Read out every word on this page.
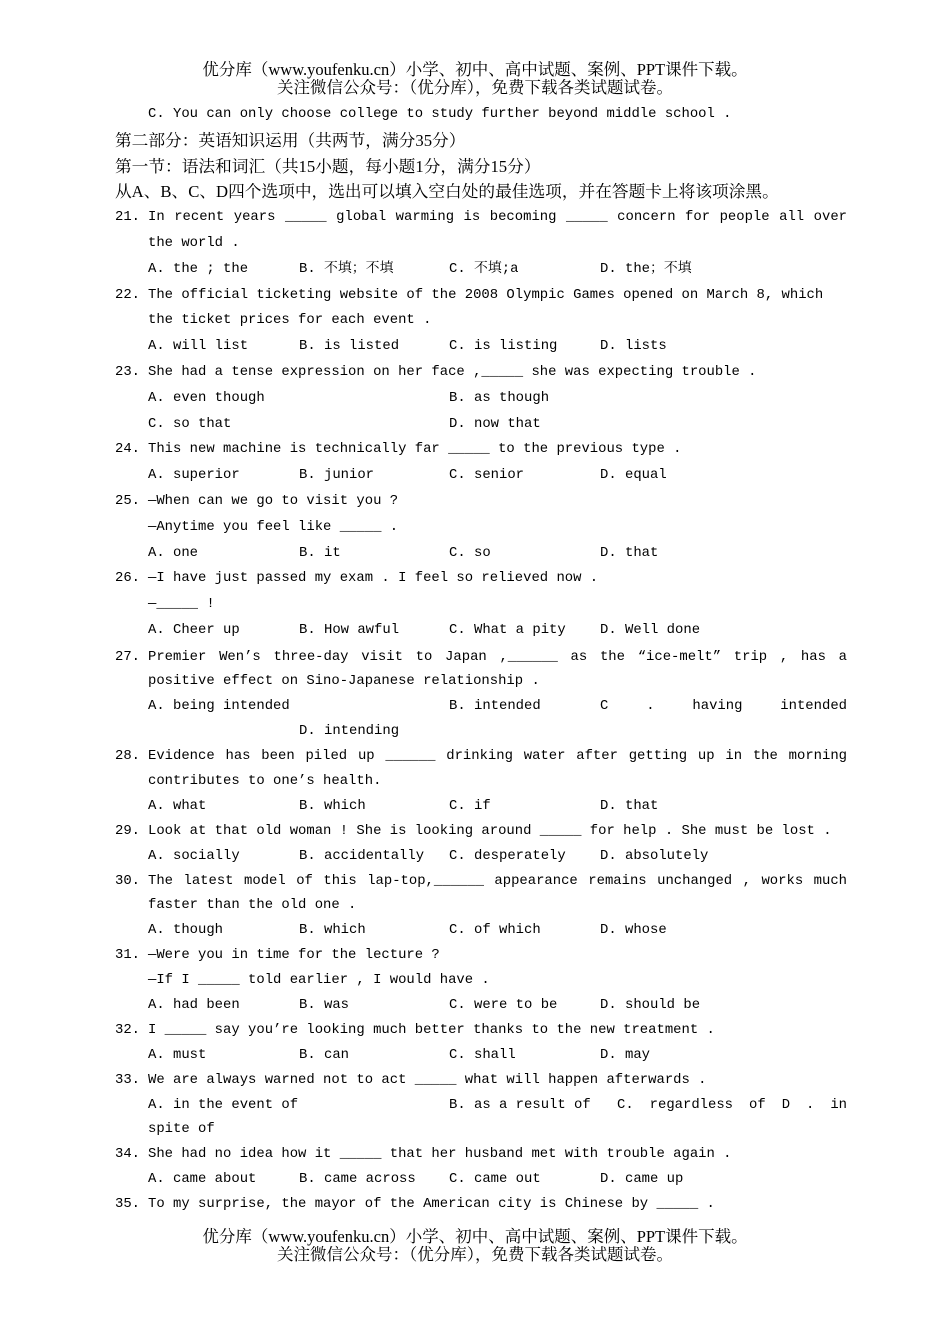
优分库（www.youfenku.cn）小学、初中、高中试题、案例、PPT课件下载。
关注微信公众号：（优分库），免费下载各类试题试卷。
C. You can only choose college to study further beyond middle school .
第二部分：英语知识运用（共两节，满分35分）
第一节：语法和词汇（共15小题，每小题1分，满分15分）
从A、B、C、D四个选项中，选出可以填入空白处的最佳选项，并在答题卡上将该项涂黑。
21. In recent years _____ global warming is becoming _____ concern for people all over
the world .
A. the ; the	B. 不填；不填	C. 不填;a	D. the；不填
22. The official ticketing website of the 2008 Olympic Games opened on March 8, which
the ticket prices for each event .
A. will list	B. is listed	C. is listing	D. lists
23. She had a tense expression on her face ,_____ she was expecting trouble .
A. even though	B. as though
C. so that	D. now that
24. This new machine is technically far _____ to the previous type .
A. superior	B. junior	C. senior	D. equal
25. —When can we go to visit you ?
—Anytime you feel like _____ .
A. one	B. it	C. so	D. that
26. —I have just passed my exam . I feel so relieved now .
—_____ !
A. Cheer up	B. How awful	C. What a pity D. Well done
27. Premier Wen’s three-day visit to Japan ,______ as the “ice-melt” trip , has a
positive effect on Sino-Japanese relationship .
A. being intended	B. intended	C . having intended
D. intending
28. Evidence has been piled up ______ drinking water after getting up in the morning
contributes to one’s health.
A. what	B. which	C. if	D. that
29. Look at that old woman ! She is looking around _____ for help . She must be lost .
A. socially	B. accidentally C. desperately D. absolutely
30. The latest model of this lap-top,______ appearance remains unchanged , works much
faster than the old one .
A. though	B. which	C. of which	D. whose
31. —Were you in time for the lecture ?
—If I _____ told earlier , I would have .
A. had been	B. was	C. were to be	D. should be
32. I _____ say you’re looking much better thanks to the new treatment .
A. must	B. can	C. shall	D. may
33. We are always warned not to act _____ what will happen afterwards .
A. in the event of	B. as a result of C. regardless of D . in
spite of
34. She had no idea how it _____ that her husband met with trouble again .
A. came about	B. came across C. came out	D. came up
35. To my surprise, the mayor of the American city is Chinese by _____ .
优分库（www.youfenku.cn）小学、初中、高中试题、案例、PPT课件下载。
关注微信公众号：（优分库），免费下载各类试题试卷。
